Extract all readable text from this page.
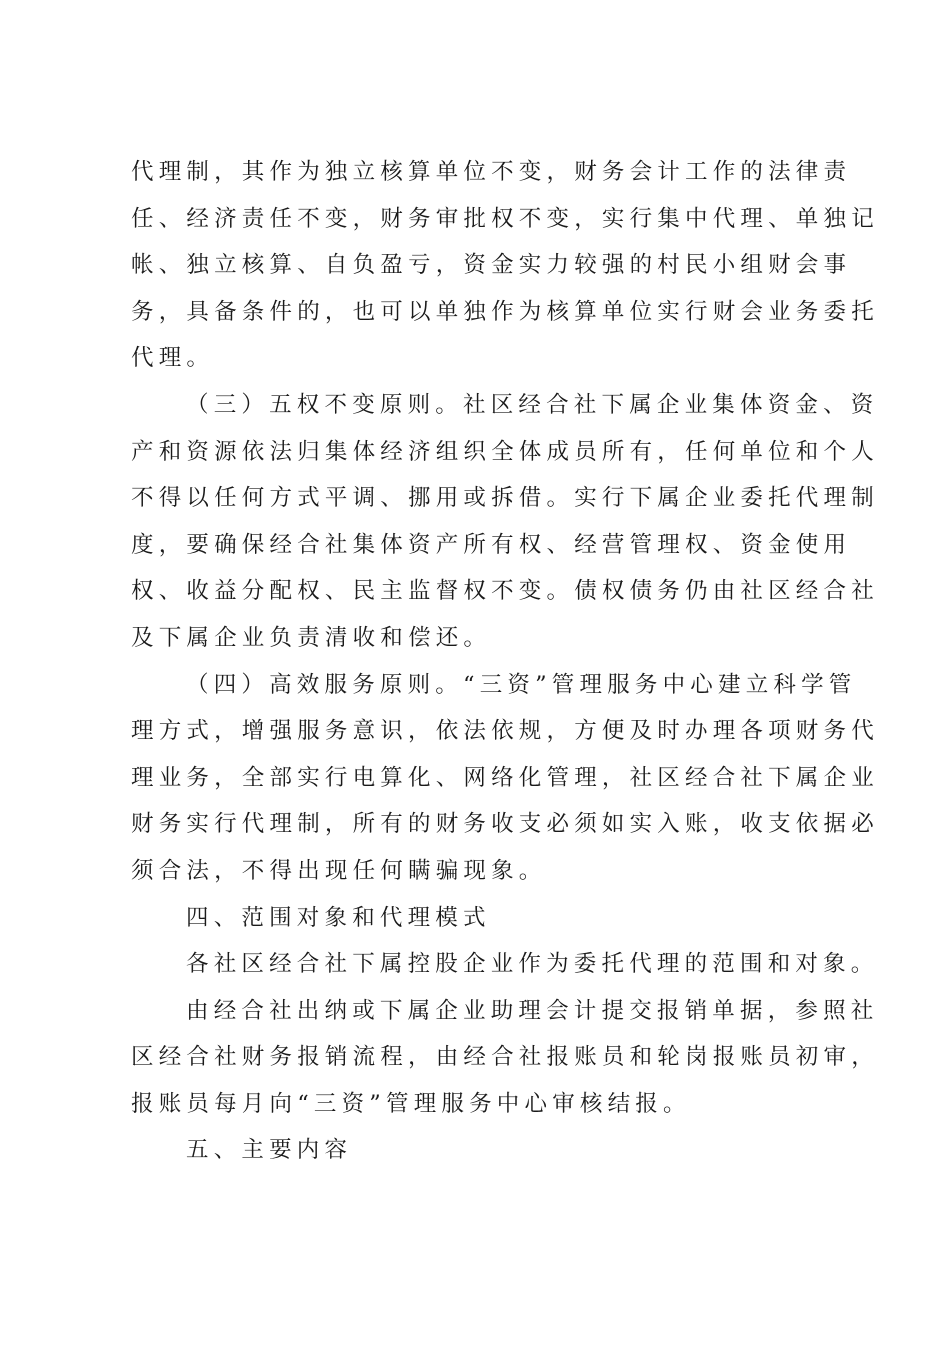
代理制，其作为独立核算单位不变，财务会计工作的法律责
任、经济责任不变，财务审批权不变，实行集中代理、单独记
帐、独立核算、自负盈亏，资金实力较强的村民小组财会事
务，具备条件的，也可以单独作为核算单位实行财会业务委托
代理。

（三）五权不变原则。社区经合社下属企业集体资金、资
产和资源依法归集体经济组织全体成员所有，任何单位和个人
不得以任何方式平调、挪用或拆借。实行下属企业委托代理制
度，要确保经合社集体资产所有权、经营管理权、资金使用
权、收益分配权、民主监督权不变。债权债务仍由社区经合社
及下属企业负责清收和偿还。

（四）高效服务原则。“三资”管理服务中心建立科学管
理方式，增强服务意识，依法依规，方便及时办理各项财务代
理业务，全部实行电算化、网络化管理，社区经合社下属企业
财务实行代理制，所有的财务收支必须如实入账，收支依据必
须合法，不得出现任何瞒骗现象。

四、范围对象和代理模式

各社区经合社下属控股企业作为委托代理的范围和对象。

由经合社出纳或下属企业助理会计提交报销单据，参照社
区经合社财务报销流程，由经合社报账员和轮岗报账员初审，
报账员每月向“三资”管理服务中心审核结报。

五、主要内容
